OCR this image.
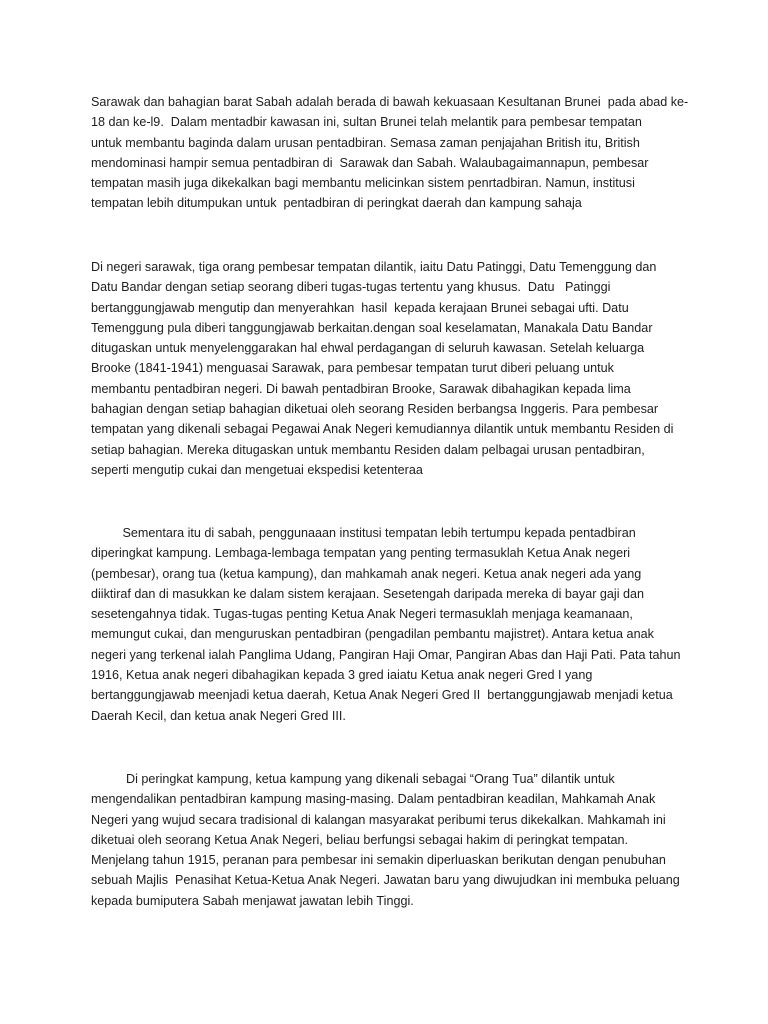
Sarawak dan bahagian barat Sabah adalah berada di bawah kekuasaan Kesultanan Brunei  pada abad ke-
18 dan ke-l9.  Dalam mentadbir kawasan ini, sultan Brunei telah melantik para pembesar tempatan
untuk membantu baginda dalam urusan pentadbiran. Semasa zaman penjajahan British itu, British
mendominasi hampir semua pentadbiran di  Sarawak dan Sabah. Walaubagaimannapun, pembesar
tempatan masih juga dikekalkan bagi membantu melicinkan sistem penrtadbiran. Namun, institusi
tempatan lebih ditumpukan untuk  pentadbiran di peringkat daerah dan kampung sahaja

Di negeri sarawak, tiga orang pembesar tempatan dilantik, iaitu Datu Patinggi, Datu Temenggung dan
Datu Bandar dengan setiap seorang diberi tugas-tugas tertentu yang khusus.  Datu   Patinggi
bertanggungjawab mengutip dan menyerahkan  hasil  kepada kerajaan Brunei sebagai ufti. Datu
Temenggung pula diberi tanggungjawab berkaitan.dengan soal keselamatan, Manakala Datu Bandar
ditugaskan untuk menyelenggarakan hal ehwal perdagangan di seluruh kawasan. Setelah keluarga
Brooke (1841-1941) menguasai Sarawak, para pembesar tempatan turut diberi peluang untuk
membantu pentadbiran negeri. Di bawah pentadbiran Brooke, Sarawak dibahagikan kepada lima
bahagian dengan setiap bahagian diketuai oleh seorang Residen berbangsa Inggeris. Para pembesar
tempatan yang dikenali sebagai Pegawai Anak Negeri kemudiannya dilantik untuk membantu Residen di
setiap bahagian. Mereka ditugaskan untuk membantu Residen dalam pelbagai urusan pentadbiran,
seperti mengutip cukai dan mengetuai ekspedisi ketenteraa

Sementara itu di sabah, penggunaaan institusi tempatan lebih tertumpu kepada pentadbiran
diperingkat kampung. Lembaga-lembaga tempatan yang penting termasuklah Ketua Anak negeri
(pembesar), orang tua (ketua kampung), dan mahkamah anak negeri. Ketua anak negeri ada yang
diiktiraf dan di masukkan ke dalam sistem kerajaan. Sesetengah daripada mereka di bayar gaji dan
sesetengahnya tidak. Tugas-tugas penting Ketua Anak Negeri termasuklah menjaga keamanaan,
memungut cukai, dan menguruskan pentadbiran (pengadilan pembantu majistret). Antara ketua anak
negeri yang terkenal ialah Panglima Udang, Pangiran Haji Omar, Pangiran Abas dan Haji Pati. Pata tahun
1916, Ketua anak negeri dibahagikan kepada 3 gred iaiatu Ketua anak negeri Gred I yang
bertanggungjawab meenjadi ketua daerah, Ketua Anak Negeri Gred II  bertanggungjawab menjadi ketua
Daerah Kecil, dan ketua anak Negeri Gred III.

Di peringkat kampung, ketua kampung yang dikenali sebagai “Orang Tua” dilantik untuk
mengendalikan pentadbiran kampung masing-masing. Dalam pentadbiran keadilan, Mahkamah Anak
Negeri yang wujud secara tradisional di kalangan masyarakat peribumi terus dikekalkan. Mahkamah ini
diketuai oleh seorang Ketua Anak Negeri, beliau berfungsi sebagai hakim di peringkat tempatan.
Menjelang tahun 1915, peranan para pembesar ini semakin diperluaskan berikutan dengan penubuhan
sebuah Majlis  Penasihat Ketua-Ketua Anak Negeri. Jawatan baru yang diwujudkan ini membuka peluang
kepada bumiputera Sabah menjawat jawatan lebih Tinggi.
